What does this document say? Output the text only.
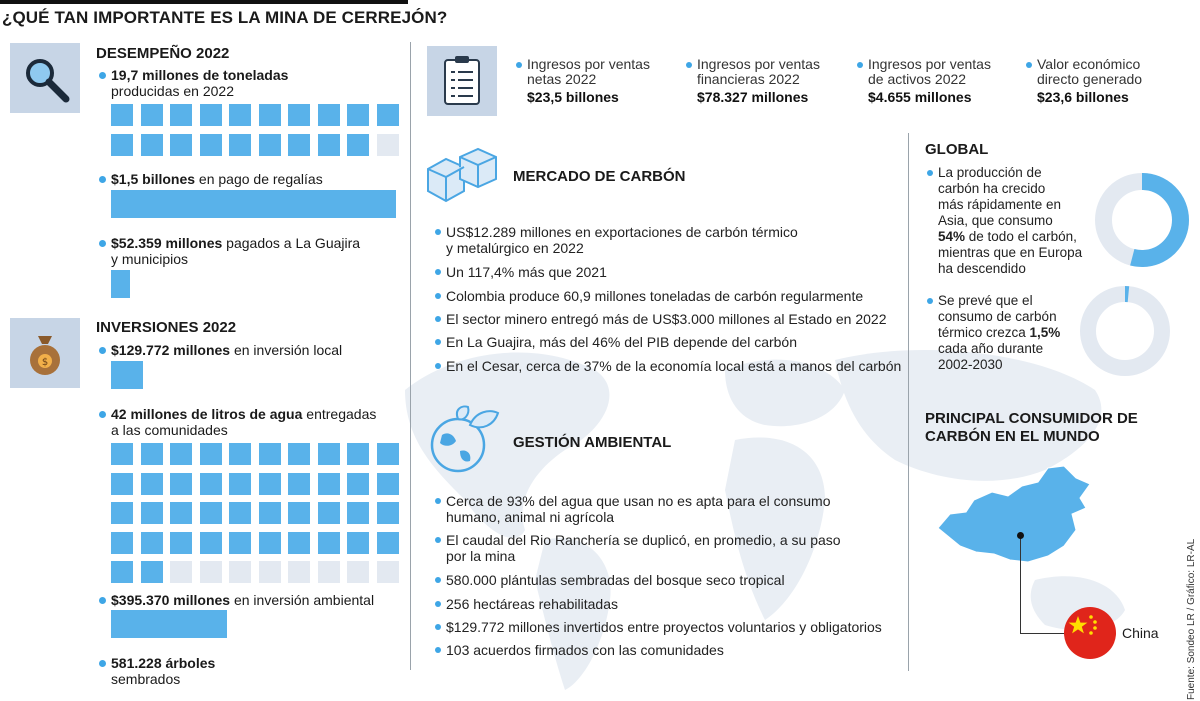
¿QUÉ TAN IMPORTANTE ES LA MINA DE CERREJÓN?
DESEMPEÑO 2022
19,7 millones de toneladas
producidas en 2022
$1,5 billones en pago de regalías
$52.359 millones pagados a La Guajira
y municipios
$
INVERSIONES 2022
$129.772 millones en inversión local
42 millones de litros de agua entregadas
a las comunidades
$395.370 millones en inversión ambiental
581.228 árboles
sembrados
Ingresos por ventas
netas 2022
$23,5 billones
Ingresos por ventas
financieras 2022
$78.327 millones
Ingresos por ventas
de activos 2022
$4.655 millones
Valor económico
directo generado
$23,6 billones
MERCADO DE CARBÓN
US$12.289 millones en exportaciones de carbón térmico
y metalúrgico en 2022
Un 117,4% más que 2021
Colombia produce 60,9 millones toneladas de carbón regularmente
El sector minero entregó más de US$3.000 millones al Estado en 2022
En La Guajira, más del 46% del PIB depende del carbón
En el Cesar, cerca de 37% de la economía local está a manos del carbón
GESTIÓN AMBIENTAL
Cerca de 93% del agua que usan no es apta para el consumo
humano, animal ni agrícola
El caudal del Rio Ranchería se duplicó, en promedio, a su paso
por la mina
580.000 plántulas sembradas del bosque seco tropical
256 hectáreas rehabilitadas
$129.772 millones invertidos entre proyectos voluntarios y obligatorios
103 acuerdos firmados con las comunidades
GLOBAL
La producción de
carbón ha crecido
más rápidamente en
Asia, que consumo
54% de todo el carbón,
mientras que en Europa
ha descendido
Se prevé que el
consumo de carbón
térmico crezca 1,5%
cada año durante
2002-2030
PRINCIPAL CONSUMIDOR DE
CARBÓN EN EL MUNDO
China	Fuente: Sondeo LR / Gráfico: LR-AL
